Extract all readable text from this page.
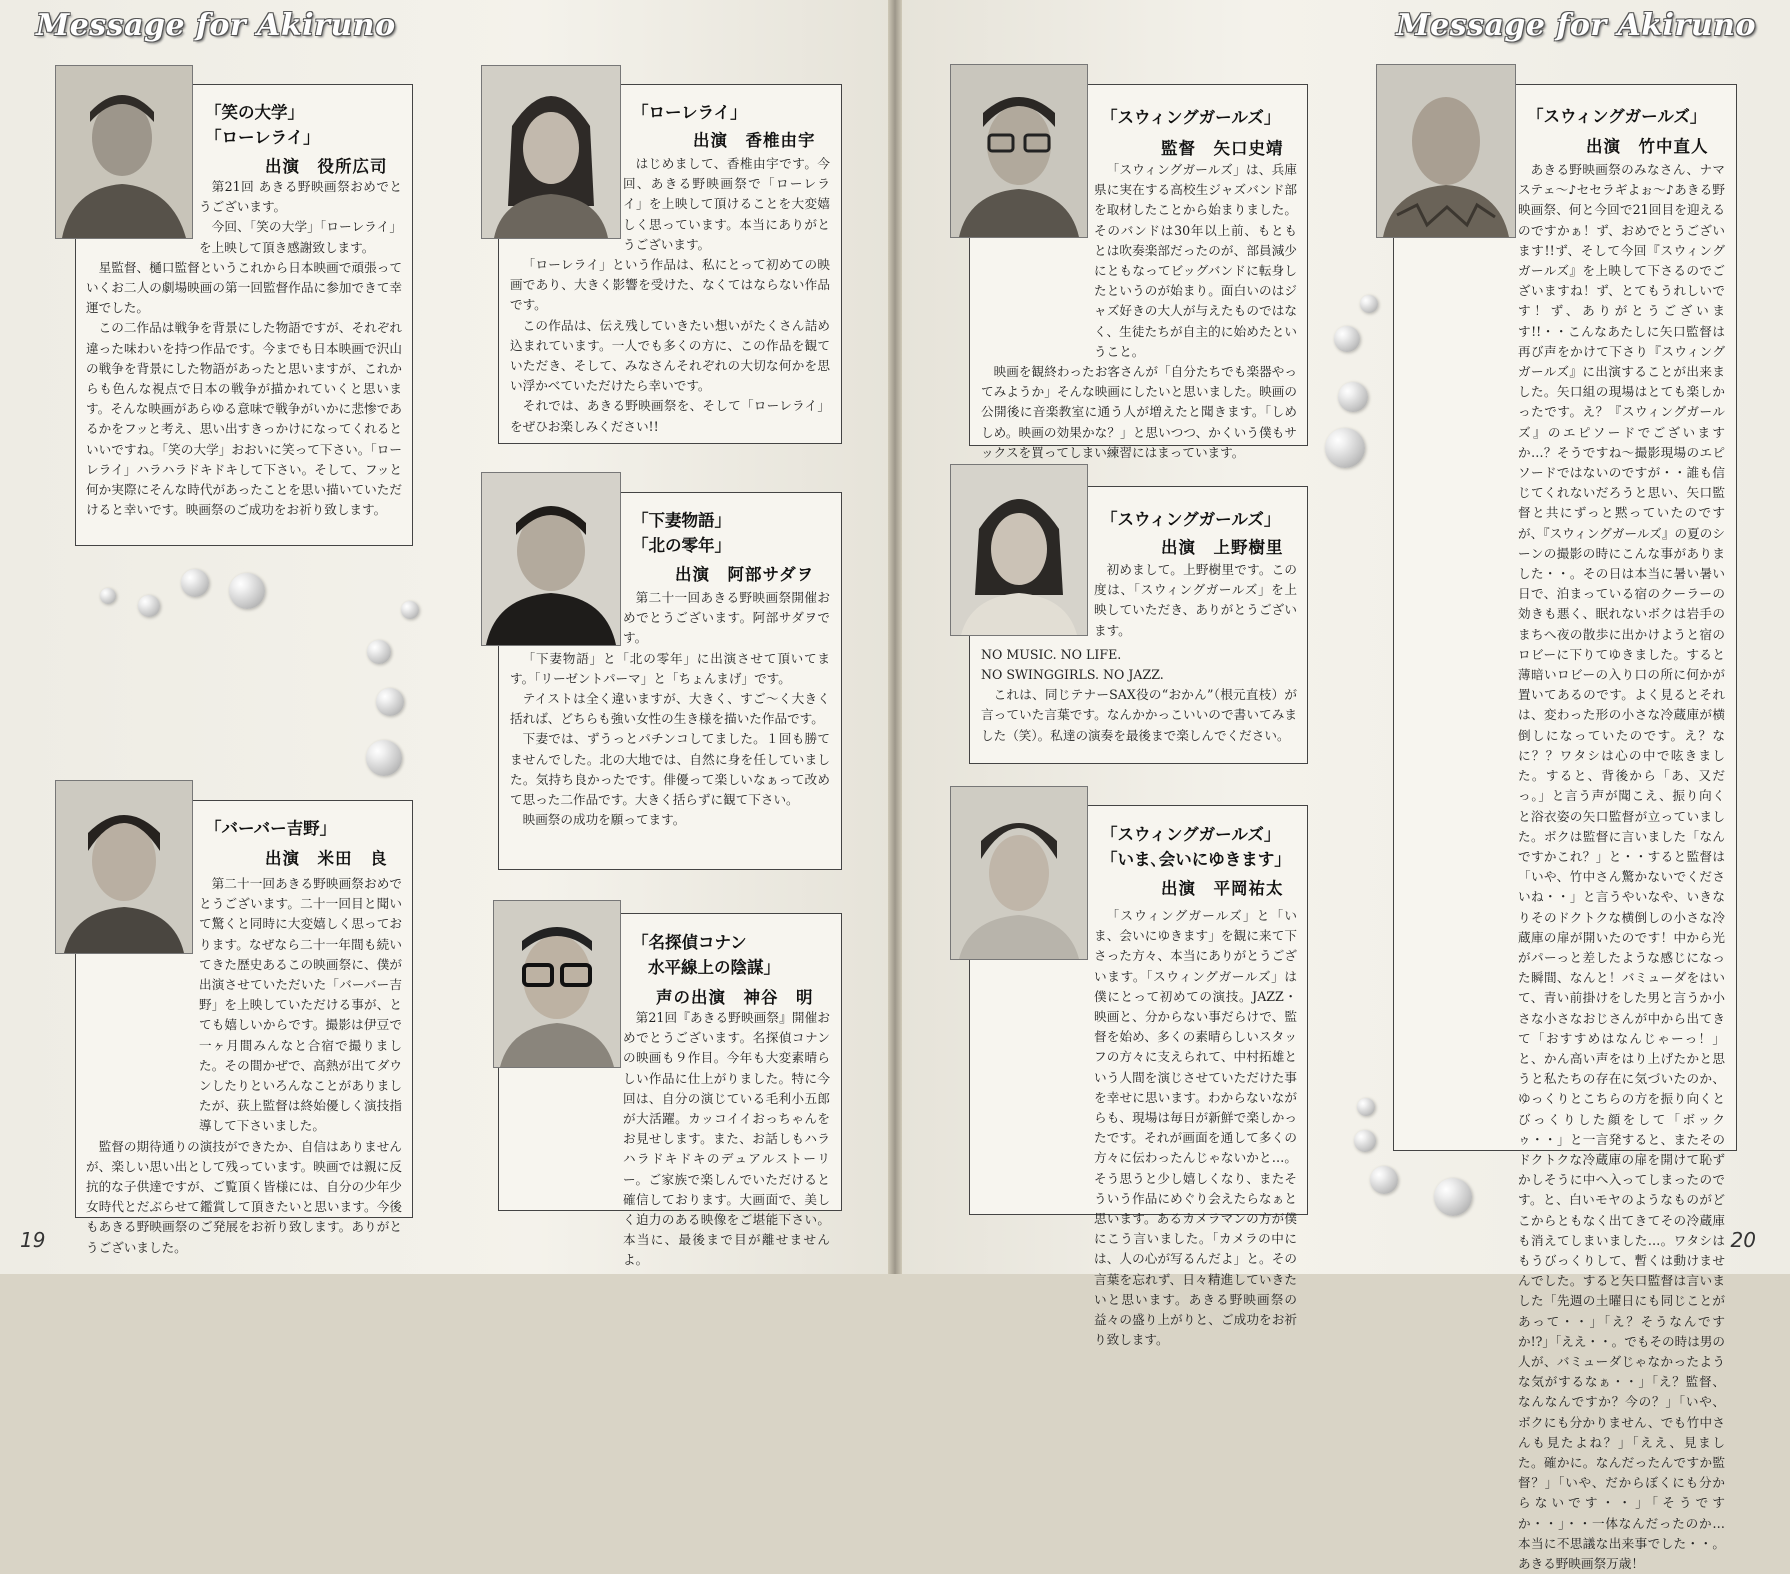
Message for Akiruno	Message for Akiruno
19	20
「笑の大学」
「ローレライ」
出演　役所広司

第21回 あきる野映画祭おめでとうございます。

今回、「笑の大学」「ローレライ」を上映して頂き感謝致します。

星監督、樋口監督というこれから日本映画で頑張っていくお二人の劇場映画の第一回監督作品に参加できて幸運でした。

この二作品は戦争を背景にした物語ですが、それぞれ違った味わいを持つ作品です。今までも日本映画で沢山の戦争を背景にした物語があったと思いますが、これからも色んな視点で日本の戦争が描かれていくと思います。そんな映画があらゆる意味で戦争がいかに悲惨であるかをフッと考え、思い出すきっかけになってくれるといいですね。「笑の大学」おおいに笑って下さい。「ローレライ」ハラハラドキドキして下さい。そして、フッと何か実際にそんな時代があったことを思い描いていただけると幸いです。映画祭のご成功をお祈り致します。

「ローレライ」
出演　香椎由宇

はじめまして、香椎由宇です。今回、あきる野映画祭で「ローレライ」を上映して頂けることを大変嬉しく思っています。本当にありがとうございます。

「ローレライ」という作品は、私にとって初めての映画であり、大きく影響を受けた、なくてはならない作品です。

この作品は、伝え残していきたい想いがたくさん詰め込まれています。一人でも多くの方に、この作品を観ていただき、そして、みなさんそれぞれの大切な何かを思い浮かべていただけたら幸いです。

それでは、あきる野映画祭を、そして「ローレライ」をぜひお楽しみください!!

「下妻物語」
「北の零年」
出演　阿部サダヲ

第二十一回あきる野映画祭開催おめでとうございます。阿部サダヲです。

「下妻物語」と「北の零年」に出演させて頂いてます。「リーゼントパーマ」と「ちょんまげ」です。

テイストは全く違いますが、大きく、すご～く大きく括れば、どちらも強い女性の生き様を描いた作品です。

下妻では、ずうっとパチンコしてました。１回も勝てませんでした。北の大地では、自然に身を任していました。気持ち良かったです。俳優って楽しいなぁって改めて思った二作品です。大きく括らずに観て下さい。

映画祭の成功を願ってます。

「バーバー吉野」
出演　米田　良

第二十一回あきる野映画祭おめでとうございます。二十一回目と聞いて驚くと同時に大変嬉しく思っております。なぜなら二十一年間も続いてきた歴史あるこの映画祭に、僕が出演させていただいた「バーバー吉野」を上映していただける事が、とても嬉しいからです。撮影は伊豆で一ヶ月間みんなと合宿で撮りました。その間かぜで、高熱が出てダウンしたりといろんなことがありましたが、荻上監督は終始優しく演技指導して下さいました。

監督の期待通りの演技ができたか、自信はありませんが、楽しい思い出として残っています。映画では親に反抗的な子供達ですが、ご覧頂く皆様には、自分の少年少女時代とだぶらせて鑑賞して頂きたいと思います。今後もあきる野映画祭のご発展をお祈り致します。ありがとうございました。

「名探偵コナン
水平線上の陰謀」
声の出演　神谷　明

第21回『あきる野映画祭』開催おめでとうございます。名探偵コナンの映画も９作目。今年も大変素晴らしい作品に仕上がりました。特に今回は、自分の演じている毛利小五郎が大活躍。カッコイイおっちゃんをお見せします。また、お話しもハラハラドキドキのデュアルストーリー。ご家族で楽しんでいただけると確信しております。大画面で、美しく迫力のある映像をご堪能下さい。本当に、最後まで目が離せませんよ。

「スウィングガールズ」
監督　矢口史靖

「スウィングガールズ」は、兵庫県に実在する高校生ジャズバンド部を取材したことから始まりました。そのバンドは30年以上前、もともとは吹奏楽部だったのが、部員減少にともなってビッグバンドに転身したというのが始まり。面白いのはジャズ好きの大人が与えたものではなく、生徒たちが自主的に始めたということ。

映画を観終わったお客さんが「自分たちでも楽器やってみようか」そんな映画にしたいと思いました。映画の公開後に音楽教室に通う人が増えたと聞きます。「しめしめ。映画の効果かな？」と思いつつ、かくいう僕もサックスを買ってしまい練習にはまっています。

「スウィングガールズ」
出演　上野樹里

初めまして。上野樹里です。この度は、「スウィングガールズ」を上映していただき、ありがとうございます。

NO MUSIC. NO LIFE.
NO SWINGGIRLS. NO JAZZ.

これは、同じテナーSAX役の“おかん”（根元直枝）が言っていた言葉です。なんかかっこいいので書いてみました（笑）。私達の演奏を最後まで楽しんでください。

「スウィングガールズ」
「いま､会いにゆきます」
出演　平岡祐太

「スウィングガールズ」と「いま、会いにゆきます」を観に来て下さった方々、本当にありがとうございます。「スウィングガールズ」は僕にとって初めての演技。JAZZ・映画と、分からない事だらけで、監督を始め、多くの素晴らしいスタッフの方々に支えられて、中村拓雄という人間を演じさせていただけた事を幸せに思います。わからないながらも、現場は毎日が新鮮で楽しかったです。それが画面を通して多くの方々に伝わったんじゃないかと…。そう思うと少し嬉しくなり、またそういう作品にめぐり会えたらなぁと思います。あるカメラマンの方が僕にこう言いました。「カメラの中には、人の心が写るんだよ」と。その言葉を忘れず、日々精進していきたいと思います。あきる野映画祭の益々の盛り上がりと、ご成功をお祈り致します。

「スウィングガールズ」
出演　竹中直人

あきる野映画祭のみなさん、ナマステェ～♪セセラギよぉ～♪あきる野映画祭、何と今回で21回目を迎えるのですかぁ！ず、おめでとうございます!!ず、そして今回『スウィングガールズ』を上映して下さるのでございますね！ず、とてもうれしいです！ず、ありがとうございます!!・・こんなあたしに矢口監督は再び声をかけて下さり『スウィングガールズ』に出演することが出来ました。矢口組の現場はとても楽しかったです。え？『スウィングガールズ』のエピソードでございますか…？そうですね～撮影現場のエピソードではないのですが・・誰も信じてくれないだろうと思い、矢口監督と共にずっと黙っていたのですが、『スウィングガールズ』の夏のシーンの撮影の時にこんな事がありました・・。その日は本当に暑い暑い日で、泊まっている宿のクーラーの効きも悪く、眠れないボクは岩手のまちへ夜の散歩に出かけようと宿のロビーに下りてゆきました。すると薄暗いロビーの入り口の所に何かが置いてあるのです。よく見るとそれは、変わった形の小さな冷蔵庫が横倒しになっていたのです。え？なに？？ワタシは心の中で呟きました。すると、背後から「あ、又だっ。」と言う声が聞こえ、振り向くと浴衣姿の矢口監督が立っていました。ボクは監督に言いました「なんですかこれ？」と・・すると監督は「いや、竹中さん驚かないでくださいね・・」と言うやいなや、いきなりそのドクトクな横倒しの小さな冷蔵庫の扉が開いたのです！中から光がパーっと差したような感じになった瞬間、なんと！バミューダをはいて、青い前掛けをした男と言うか小さな小さなおじさんが中から出てきて「おすすめはなんじゃーっ！」と、かん高い声をはり上げたかと思うと私たちの存在に気づいたのか、ゆっくりとこちらの方を振り向くとびっくりした顔をして「ボックゥ・・」と一言発すると、またそのドクトクな冷蔵庫の扉を開けて恥ずかしそうに中へ入ってしまったのです。と、白いモヤのようなものがどこからともなく出てきてその冷蔵庫も消えてしまいました…。ワタシはもうびっくりして、暫くは動けませんでした。すると矢口監督は言いました「先週の土曜日にも同じことがあって・・」「え？そうなんですか!?」「ええ・・。でもその時は男の人が、バミューダじゃなかったような気がするなぁ・・」「え？監督、なんなんですか？今の？」「いや、ボクにも分かりません、でも竹中さんも見たよね？」「ええ、見ました。確かに。なんだったんですか監督？」「いや、だからぼくにも分からないです・・」「そうですか・・」・・一体なんだったのか…本当に不思議な出来事でした・・。あきる野映画祭万歳！
